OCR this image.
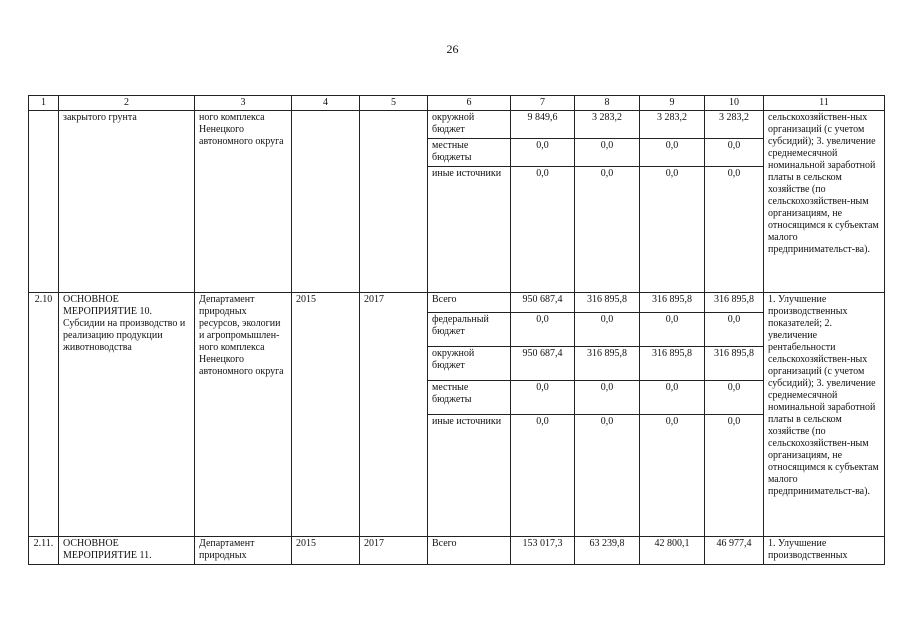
26
1	2	3	4	5	6	7	8	9	10	11
	закрытого грунта	ного комплекса Ненецкого автономного округа			окружной бюджет	9 849,6	3 283,2	3 283,2	3 283,2	сельскохозяйствен-ных организаций (с учетом субсидий); 3. увеличение среднемесячной номинальной заработной платы в сельском хозяйстве (по сельскохозяйствен-ным организациям, не относящимся к субъектам малого предпринимательст-ва).
					местные бюджеты	0,0	0,0	0,0	0,0	
					иные источники	0,0	0,0	0,0	0,0	
2.10	ОСНОВНОЕ МЕРОПРИЯТИЕ 10. Субсидии на производство и реализацию продукции животноводства	Департамент природных ресурсов, экологии и агропромышлен-ного комплекса Ненецкого автономного округа	2015	2017	Всего	950 687,4	316 895,8	316 895,8	316 895,8	1. Улучшение производственных показателей; 2. увеличение рентабельности сельскохозяйствен-ных организаций (с учетом субсидий); 3. увеличение среднемесячной номинальной заработной платы в сельском хозяйстве (по сельскохозяйствен-ным организациям, не относящимся к субъектам малого предпринимательст-ва).
					федеральный бюджет	0,0	0,0	0,0	0,0	
					окружной бюджет	950 687,4	316 895,8	316 895,8	316 895,8	
					местные бюджеты	0,0	0,0	0,0	0,0	
					иные источники	0,0	0,0	0,0	0,0	
2.11.	ОСНОВНОЕ МЕРОПРИЯТИЕ 11.	Департамент природных	2015	2017	Всего	153 017,3	63 239,8	42 800,1	46 977,4	1. Улучшение производственных
